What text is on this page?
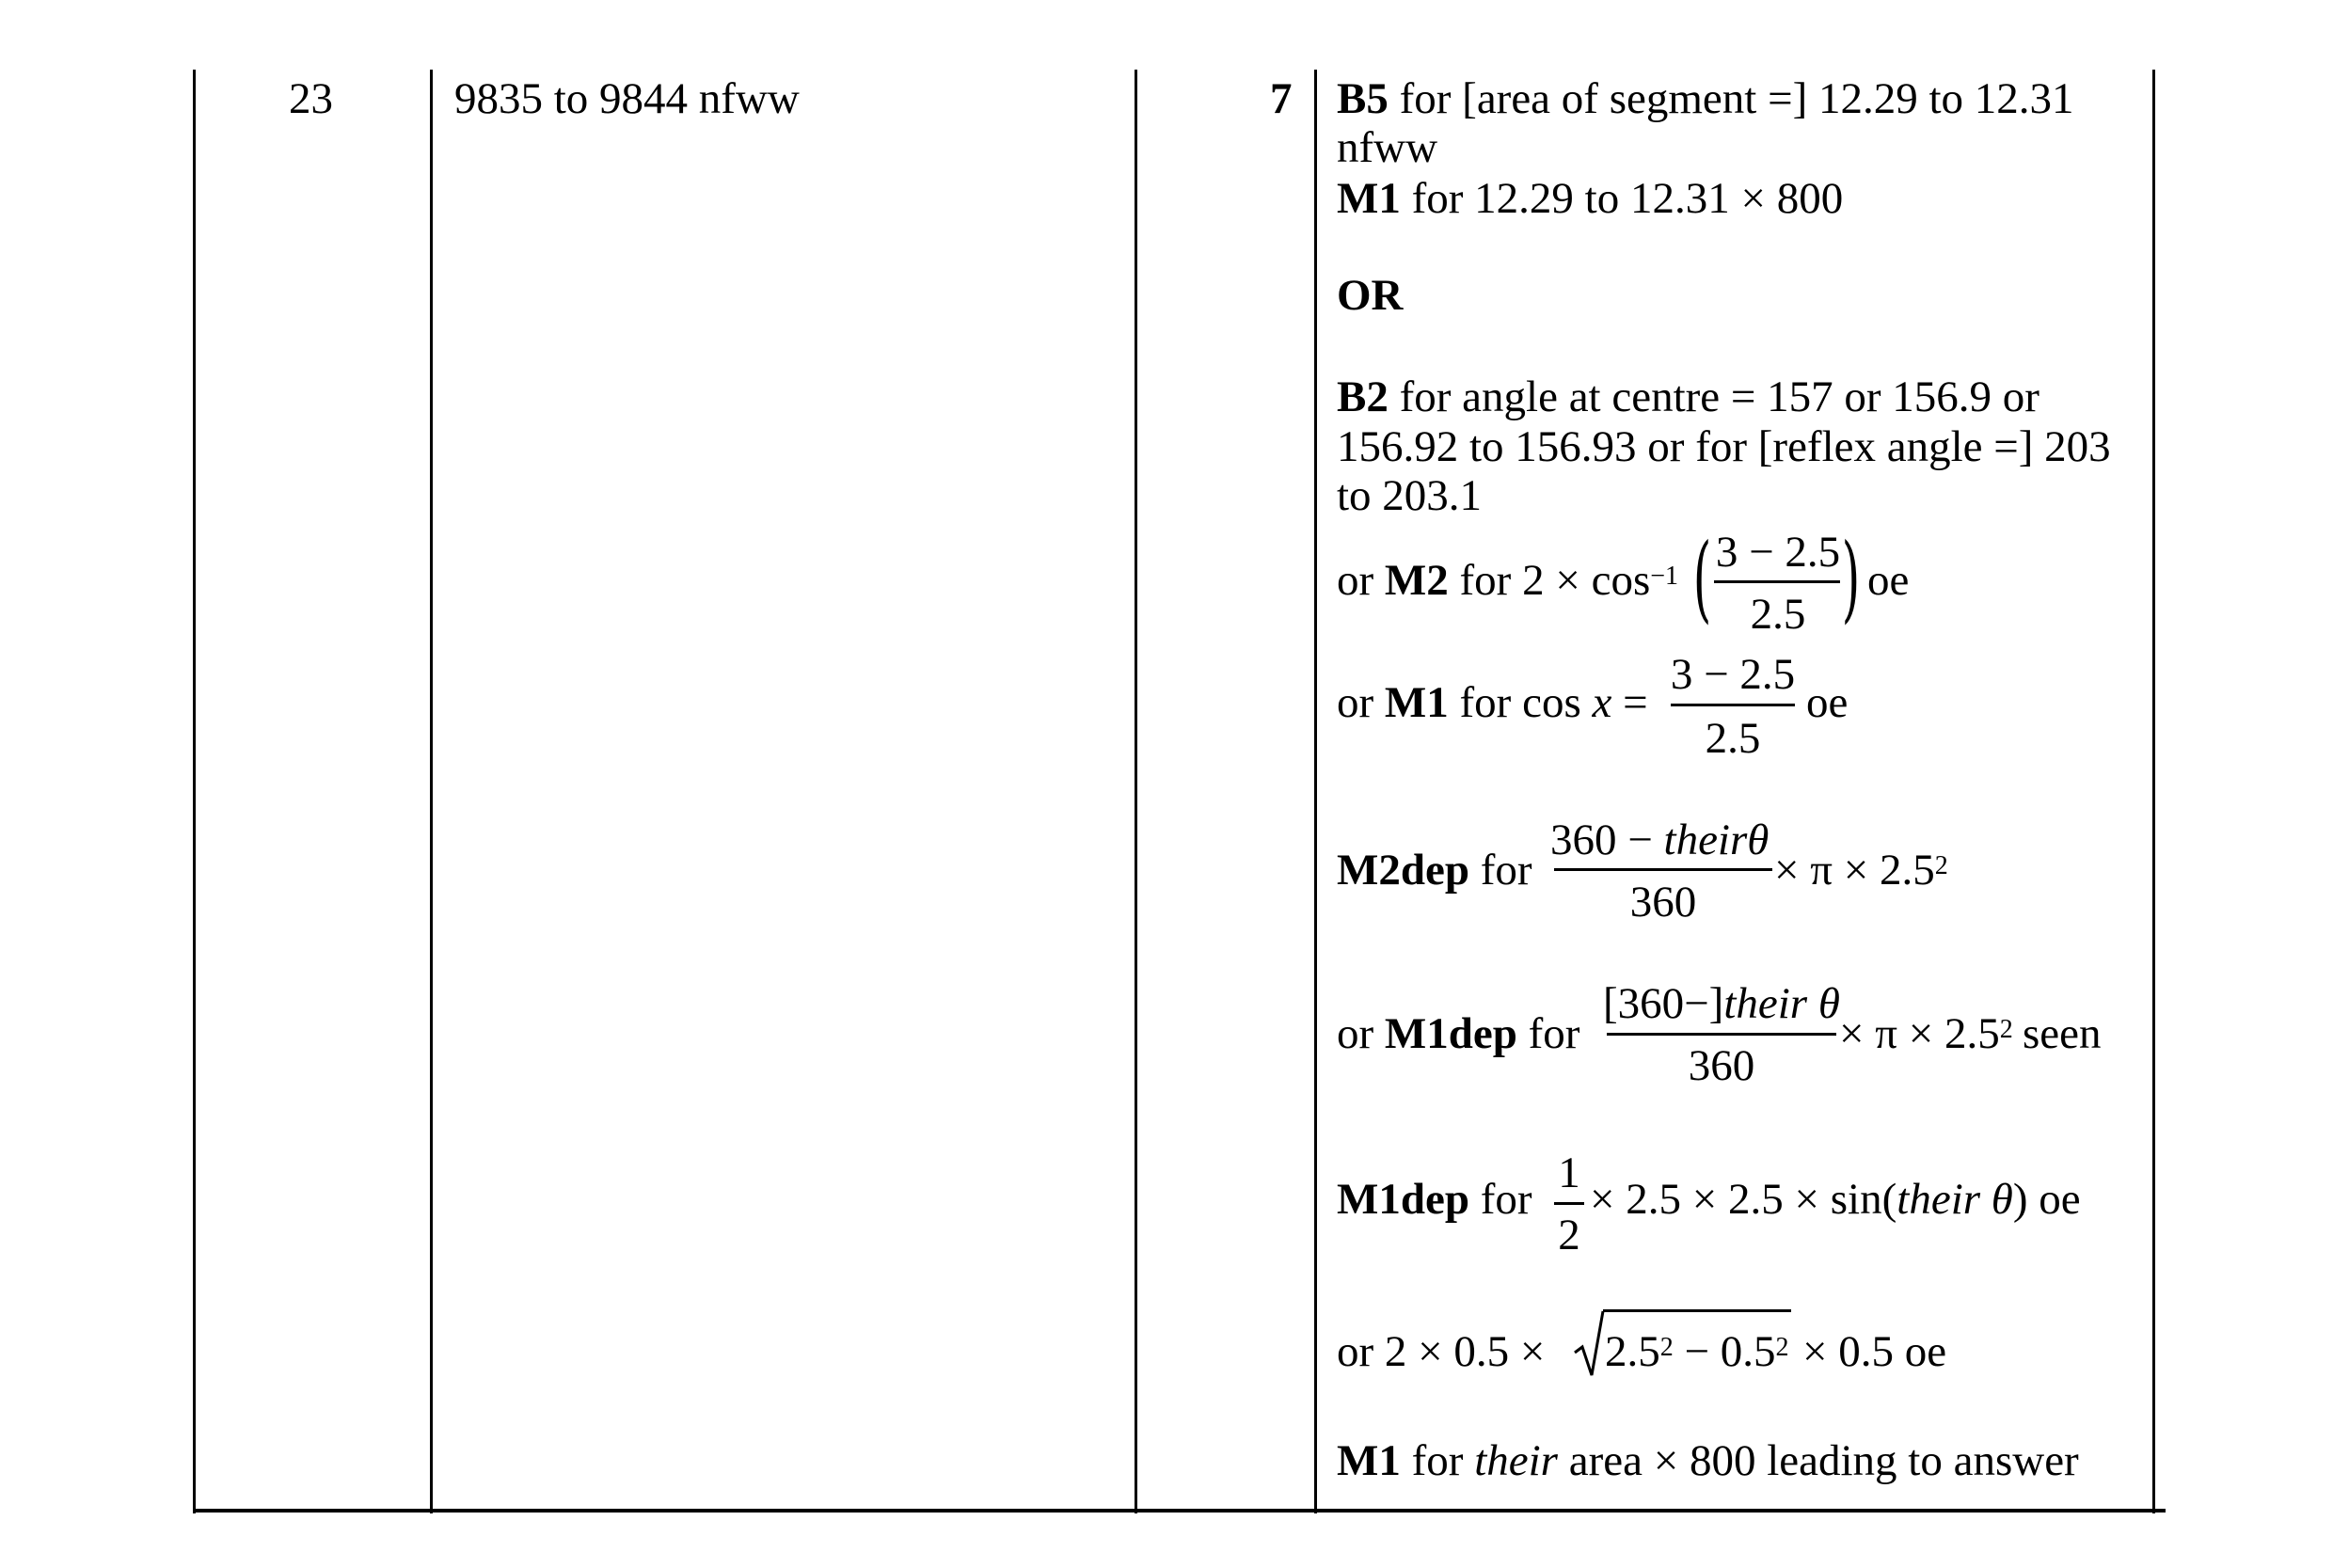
23	9835 to 9844 nfww	7 B5 for [area of segment =] 12.29 to 12.31
nfww
M1 for 12.29 to 12.31 × 800
OR
B2 for angle at centre = 157 or 156.9 or
156.92 to 156.93 or for [reflex angle =] 203
to 203.1
or M2 for $2 \times \cos^{-1}$ ( 3 − 2.5
2.5 ) oe
or M1 for cos x =
3 − 2.5
2.5
oe
M2dep for
360 − theirθ
360
× $\pi \times 2.5^2$
or M1dep for
[360−]their θ
360
× $\pi \times 2.5^2$ seen
M1dep for
1
2
× 2.5 × 2.5 × sin(their θ) oe
or $2 \times 0.5 \times 2.5^2 - 0.5^2 \times 0.5$ oe
M1 for their area × 800 leading to answer
